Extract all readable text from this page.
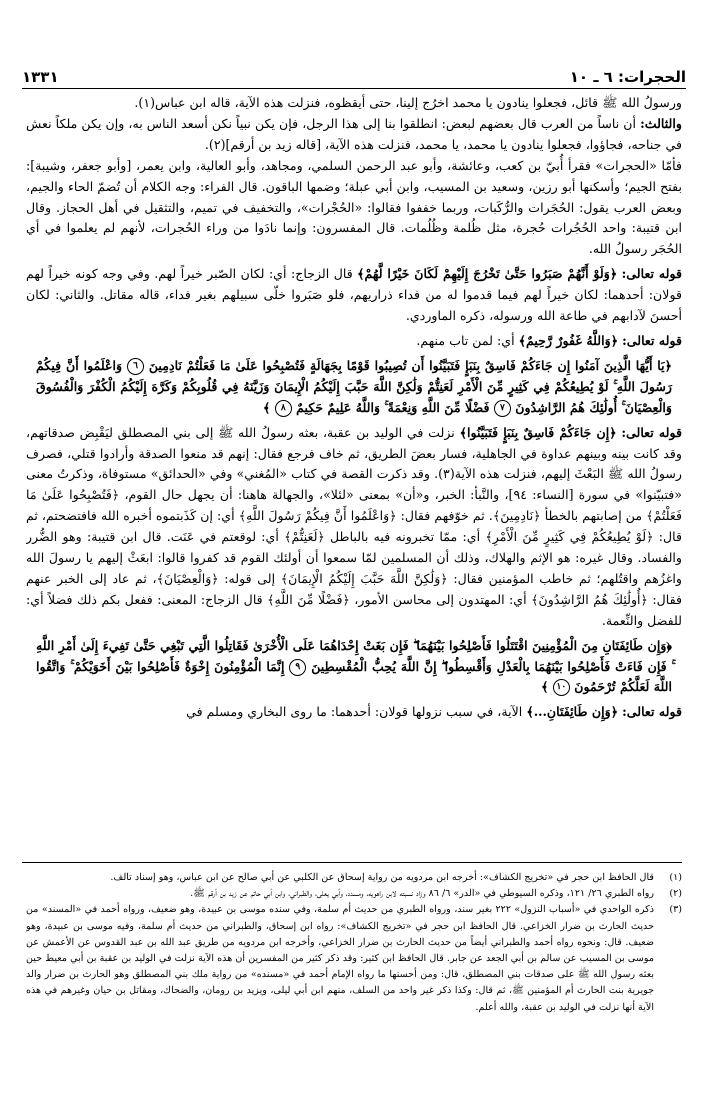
الحجرات: ٦ ـ ١٠
١٣٣١

ورسولُ الله ﷺ قائل، فجعلوا ينادون يا محمد اخرُج إلينا، حتى أيقظوه، فنزلت هذه الآية، قاله ابن عباس(١).

والثالث: أن ناساً من العرب قال بعضهم لبعض: انطلقوا بنا إلى هذا الرجل، فإن يكن نبياً نكن أسعد الناس به، وإن يكن ملكاً نعش في جناحه، فجاؤوا، فجعلوا ينادون يا محمد، يا محمد، فنزلت هذه الآية، [قاله زيد بن أرقم](٢).

فأمّا «الحجرات» فقرأ أُبيّ بن كعب، وعائشة، وأبو عبد الرحمن السلمي، ومجاهد، وأبو العالية، وابن يعمر، [وأبو جعفر، وشيبة]: بفتح الجيم؛ وأسكنها أبو رزين، وسعيد بن المسيب، وابن أبي عبلة؛ وضمها الباقون. قال الفراء: وجه الكلام أن تُضمّ الحاء والجيم، وبعض العرب يقول: الحُجَرات والرُّكَبات، وربما خففوا فقالوا: «الحُجْرات»، والتخفيف في تميم، والتثقيل في أهل الحجاز. وقال ابن قتيبة: واحد الحُجُرات حُجرة، مثل ظُلمة وظُلُمات. قال المفسرون: وإنما نادَوا من وراء الحُجرات، لأنهم لم يعلموا في أي الحُجَر رسولُ الله.

قوله تعالى: ﴿وَلَوْ أَنَّهُمْ صَبَرُوا حَتَّىٰ تَخْرُجَ إِلَيْهِمْ لَكَانَ خَيْرًا لَّهُمْ﴾ قال الزجاج: أي: لكان الصّبر خيراً لهم. وفي وجه كونه خيراً لهم قولان: أحدهما: لكان خيراً لهم فيما قدموا له من فداء ذراريهم، فلو صَبَروا خلّى سبيلهم بغير فداء، قاله مقاتل. والثاني: لكان أحسنَ لآدابهم في طاعة الله ورسوله، ذكره الماوردي.

قوله تعالى: ﴿وَاللَّهُ غَفُورٌ رَّحِيمٌ﴾ أي: لمن تاب منهم.

﴿يَا أَيُّهَا الَّذِينَ آمَنُوا إِن جَاءَكُمْ فَاسِقٌ بِنَبَإٍ فَتَبَيَّنُوا أَن تُصِيبُوا قَوْمًا بِجَهَالَةٍ فَتُصْبِحُوا عَلَىٰ مَا فَعَلْتُمْ نَادِمِينَ ٦ وَاعْلَمُوا أَنَّ فِيكُمْ رَسُولَ اللَّهِ ۚ لَوْ يُطِيعُكُمْ فِي كَثِيرٍ مِّنَ الْأَمْرِ لَعَنِتُّمْ وَلَٰكِنَّ اللَّهَ حَبَّبَ إِلَيْكُمُ الْإِيمَانَ وَزَيَّنَهُ فِي قُلُوبِكُمْ وَكَرَّهَ إِلَيْكُمُ الْكُفْرَ وَالْفُسُوقَ وَالْعِصْيَانَ ۚ أُولَٰئِكَ هُمُ الرَّاشِدُونَ ٧ فَضْلًا مِّنَ اللَّهِ وَنِعْمَةً ۚ وَاللَّهُ عَلِيمٌ حَكِيمٌ ٨ ﴾

قوله تعالى: ﴿إِن جَاءَكُمْ فَاسِقٌ بِنَبَإٍ فَتَبَيَّنُوا﴾ نزلت في الوليد بن عقبة، بعثه رسولُ الله ﷺ إلى بني المصطلق ليَقْبِض صدقاتهم، وقد كانت بينه وبينهم عداوة في الجاهلية، فسار بعضَ الطريق، ثم خاف فرجع فقال: إنهم قد منعوا الصدقة وأرادوا قتلي، فصرف رسولُ الله ﷺ البَعْثَ إليهم، فنزلت هذه الآية(٣). وقد ذكرت القصة في كتاب «المُغني» وفي «الحدائق» مستوفاة، وذكرتُ معنى «فتبيّنوا» في سورة [النساء: ٩٤]، والنَّبأ: الخبر، و«أن» بمعنى «لئلا»، والجهالة هاهنا: أن يجهل حال القوم، ﴿فَتُصْبِحُوا عَلَىٰ مَا فَعَلْتُمْ﴾ من إصابتهم بالخطأ ﴿نَادِمِينَ﴾. ثم خوّفهم فقال: ﴿وَاعْلَمُوا أَنَّ فِيكُمْ رَسُولَ اللَّهِ﴾ أي: إن كَذَبتموه أخبره الله فافتضحتم، ثم قال: ﴿لَوْ يُطِيعُكُمْ فِي كَثِيرٍ مِّنَ الْأَمْرِ﴾ أي: ممّا تخبرونه فيه بالباطل ﴿لَعَنِتُّمْ﴾ أي: لوقعتم في عَنَت. قال ابن قتيبة: وهو الضُّرر والفساد. وقال غيره: هو الإثم والهلاك، وذلك أن المسلمين لمّا سمعوا أن أولئك القوم قد كفروا قالوا: ابعَثْ إليهم يا رسولَ الله واغزُهم واقتُلهم؛ ثم خاطب المؤمنين فقال: ﴿وَلَٰكِنَّ اللَّهَ حَبَّبَ إِلَيْكُمُ الْإِيمَانَ﴾ إلى قوله: ﴿وَالْعِصْيَانَ﴾، ثم عاد إلى الخبر عنهم فقال: ﴿أُولَٰئِكَ هُمُ الرَّاشِدُونَ﴾ أي: المهتدون إلى محاسن الأمور، ﴿فَضْلًا مِّنَ اللَّهِ﴾ قال الزجاج: المعنى: ففعل بكم ذلك فضلاً أي: للفضل والنِّعمة.

﴿وَإِن طَائِفَتَانِ مِنَ الْمُؤْمِنِينَ اقْتَتَلُوا فَأَصْلِحُوا بَيْنَهُمَا ۖ فَإِن بَغَتْ إِحْدَاهُمَا عَلَى الْأُخْرَىٰ فَقَاتِلُوا الَّتِي تَبْغِي حَتَّىٰ تَفِيءَ إِلَىٰ أَمْرِ اللَّهِ ۚ فَإِن فَاءَتْ فَأَصْلِحُوا بَيْنَهُمَا بِالْعَدْلِ وَأَقْسِطُوا ۖ إِنَّ اللَّهَ يُحِبُّ الْمُقْسِطِينَ ٩ إِنَّمَا الْمُؤْمِنُونَ إِخْوَةٌ فَأَصْلِحُوا بَيْنَ أَخَوَيْكُمْ ۚ وَاتَّقُوا اللَّهَ لَعَلَّكُمْ تُرْحَمُونَ ١٠ ﴾

قوله تعالى: ﴿وَإِن طَائِفَتَانِ...﴾ الآية، في سبب نزولها قولان: أحدهما: ما روى البخاري ومسلم في

(١)
قال الحافظ ابن حجر في «تخريج الكشاف»: أخرجه ابن مردويه من رواية إسحاق عن الكلبي عن أبي صالح عن ابن عباس، وهو إسناد تالف.
(٢)
رواه الطبري ٢٦/ ١٢١، وذكره السيوطي في «الدر» ٦/ ٨٦ وزاد نسبته لابن راهويه، ومسدد، وأبي يعلى، والطبراني، وابن أبي حاتم عن زيد بن أرقم ﷺ.
(٣)
ذكره الواحدي في «أسباب النزول» ٢٢٢ بغير سند، ورواه الطبري من حديث أم سلمة، وفي سنده موسى بن عبيدة، وهو ضعيف، ورواه أحمد في «المسند» من حديث الحارث بن ضرار الخزاعي. قال الحافظ ابن حجر في «تخريج الكشاف»: رواه ابن إسحاق، والطبراني من حديث أم سلمة، وفيه موسى بن عبيدة، وهو ضعيف. قال: ونحوه رواه أحمد والطبراني أيضاً من حديث الحارث بن ضرار الخزاعي، وأخرجه ابن مردويه من طريق عبد الله بن عبد القدوس عن الأعمش عن موسى بن المسيب عن سالم بن أبي الجعد عن جابر. قال الحافظ ابن كثير: وقد ذكر كثير من المفسرين أن هذه الآية نزلت في الوليد بن عقبة بن أبي معيط حين بعثه رسول الله ﷺ على صدقات بني المصطلق، قال: ومن أحسنها ما رواه الإمام أحمد في «مسنده» من رواية ملك بني المصطلق وهو الحارث بن ضرار والد جويرية بنت الحارث أم المؤمنين ﷺ، ثم قال: وكذا ذكر غير واحد من السلف، منهم ابن أبي ليلى، ويزيد بن رومان، والضحاك، ومقاتل بن حيان وغيرهم في هذه الآية أنها نزلت في الوليد بن عقبة، والله أعلم.
